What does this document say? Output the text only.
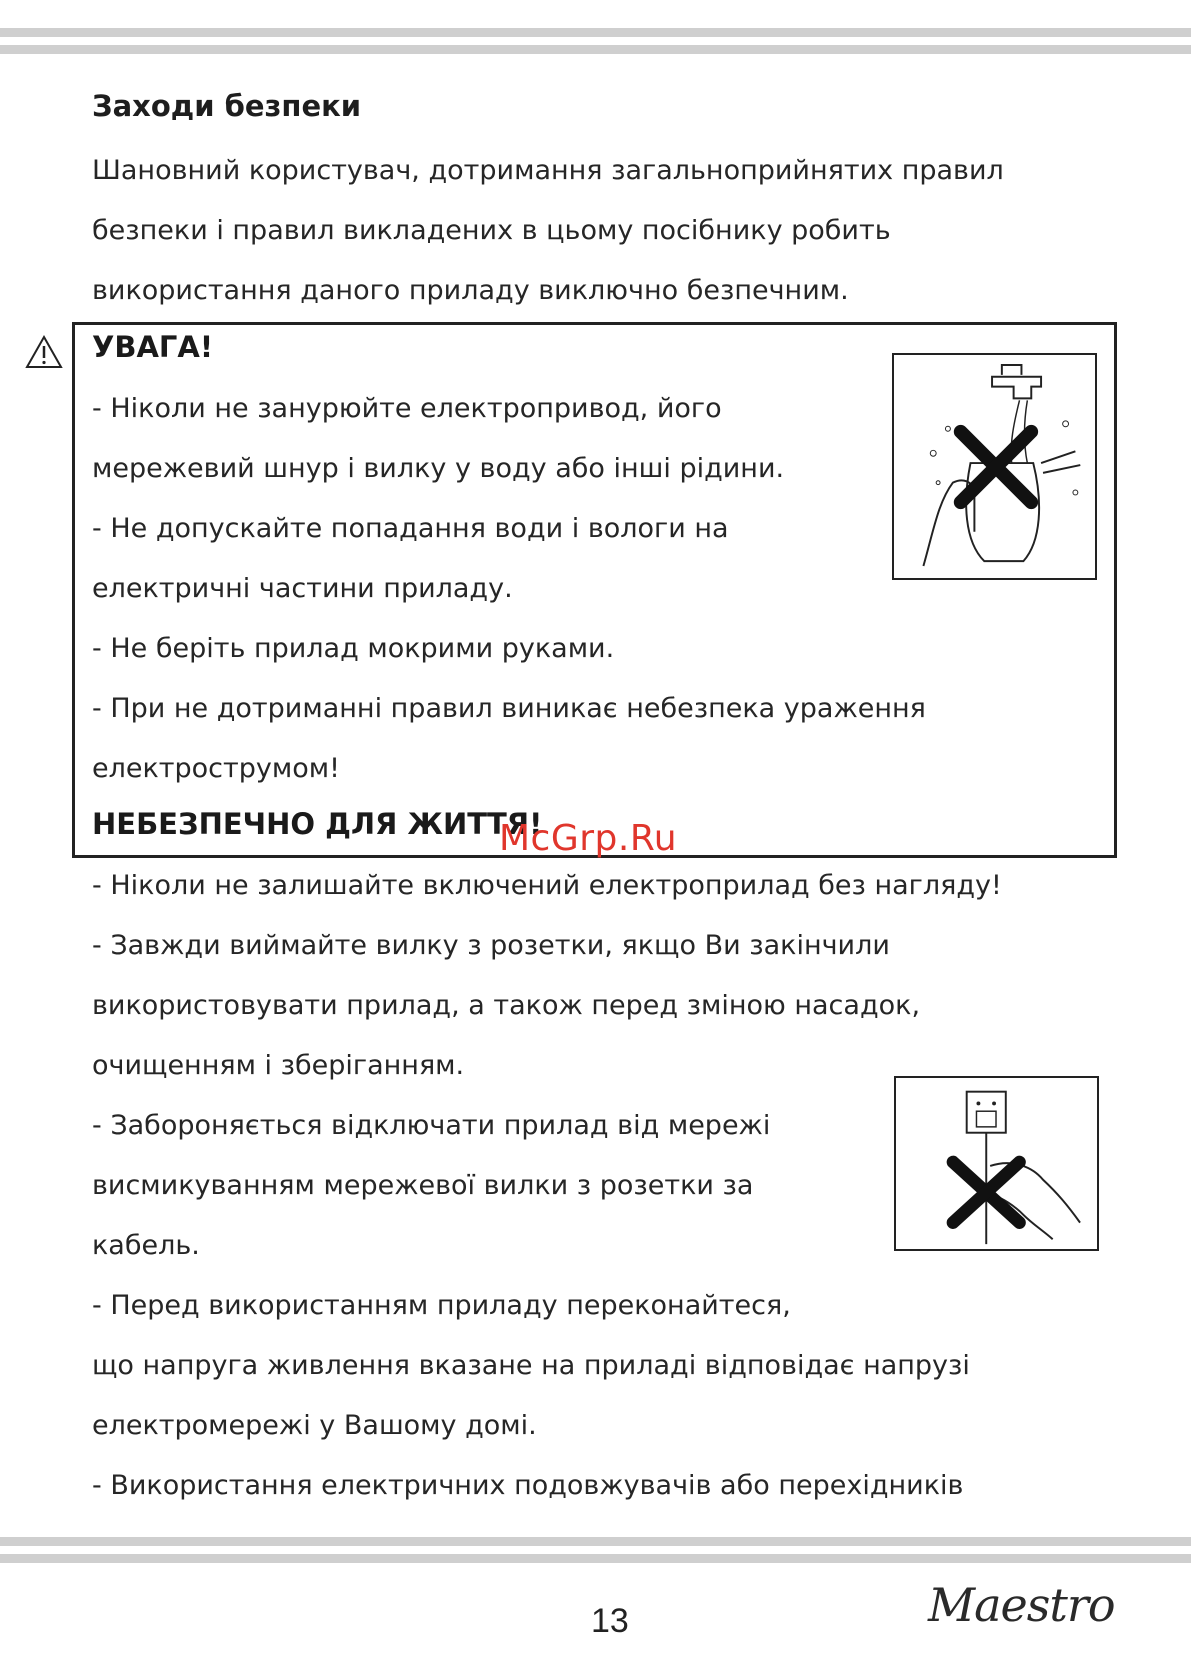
Заходи безпеки
Шановний користувач, дотримання загальноприйнятих правил
безпеки і правил викладених в цьому посібнику робить
використання даного приладу виключно безпечним.
УВАГА!
- Ніколи не занурюйте електропривод, його
мережевий шнур і вилку у воду або інші рідини.
- Не допускайте попадання води і вологи на
електричні частини приладу.
- Не беріть прилад мокрими руками.
- При не дотриманні правил виникає небезпека ураження
електрострумом!
НЕБЕЗПЕЧНО ДЛЯ ЖИТТЯ!
McGrp.Ru
- Ніколи не залишайте включений електроприлад без нагляду!
- Завжди виймайте вилку з розетки, якщо Ви закінчили
використовувати прилад, а також перед зміною насадок,
очищенням і зберіганням.
- Забороняється відключати прилад від мережі
висмикуванням мережевої вилки з розетки за
кабель.
- Перед використанням приладу переконайтеся,
що напруга живлення вказане на приладі відповідає напрузі
електромережі у Вашому домі.
- Використання електричних подовжувачів або перехідників
13	Maestro
